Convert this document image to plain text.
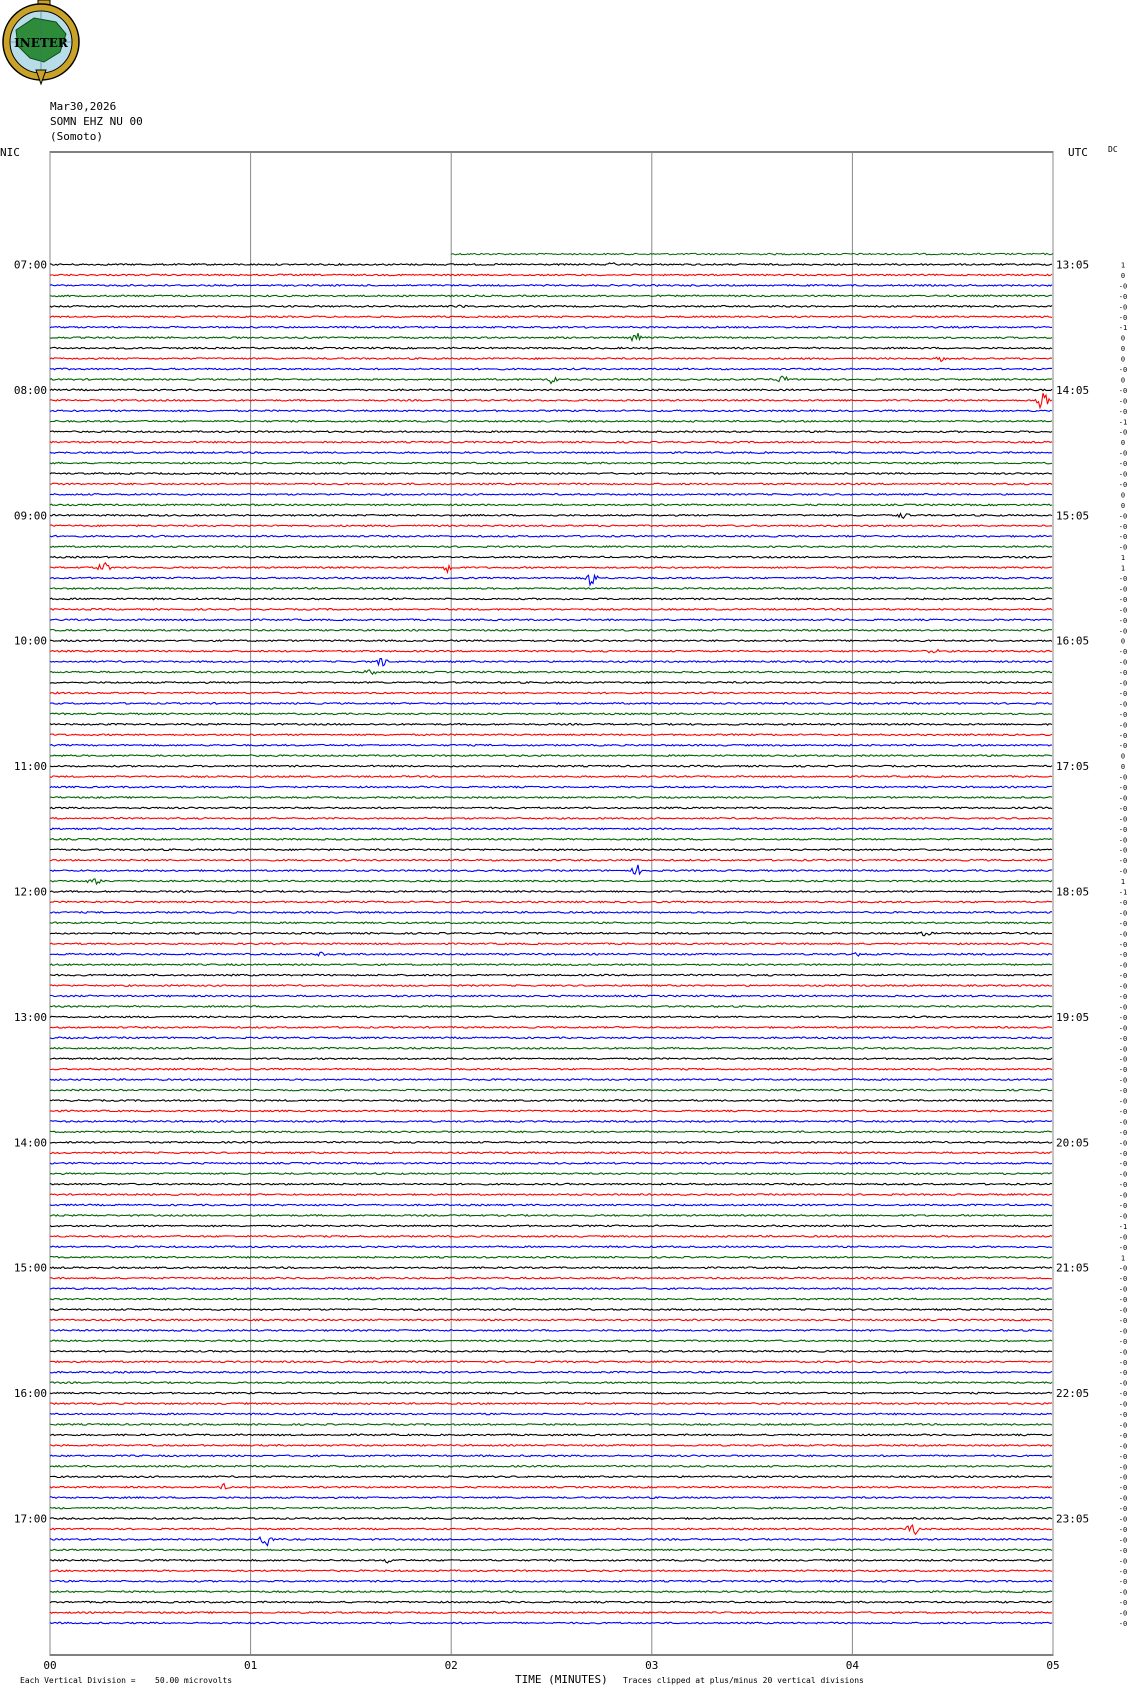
INETER
Mar30,2026
SOMN EHZ NU 00
(Somoto)
NIC	UTC	DC
00	01	02	03	04	05
1
0
-0
-0
-0
-0
-1
0
0
0
-0
0
-0
-0
-0
-1
-0
0
-0
-0
-0
-0
0
0
-0
-0
-0
-0
1
1
-0
-0
-0
-0
-0
-0
0
-0
-0
-0
-0
-0
-0
-0
-0
-0
-0
0
0
-0
-0
-0
-0
-0
-0
-0
-0
-0
-0
1
-1
-0
-0
-0
-0
-0
-0
-0
-0
-0
-0
-0
-0
-0
-0
-0
-0
-0
-0
-0
-0
-0
-0
-0
-0
-0
-0
-0
-0
-0
-0
-0
-1
-0
-0
1
-0
-0
-0
-0
-0
-0
-0
-0
-0
-0
-0
-0
-0
-0
-0
-0
-0
-0
-0
-0
-0
-0
-0
-0
-0
-0
-0
-0
-0
-0
-0
-0
-0
-0
-0
07:00	13:05
08:00	14:05
09:00	15:05
10:00	16:05
11:00	17:05
12:00	18:05
13:00	19:05
14:00	20:05
15:00	21:05
16:00	22:05
17:00	23:05
Each Vertical Division = 50.00 microvolts	TIME (MINUTES) Traces clipped at plus/minus 20 vertical divisions
